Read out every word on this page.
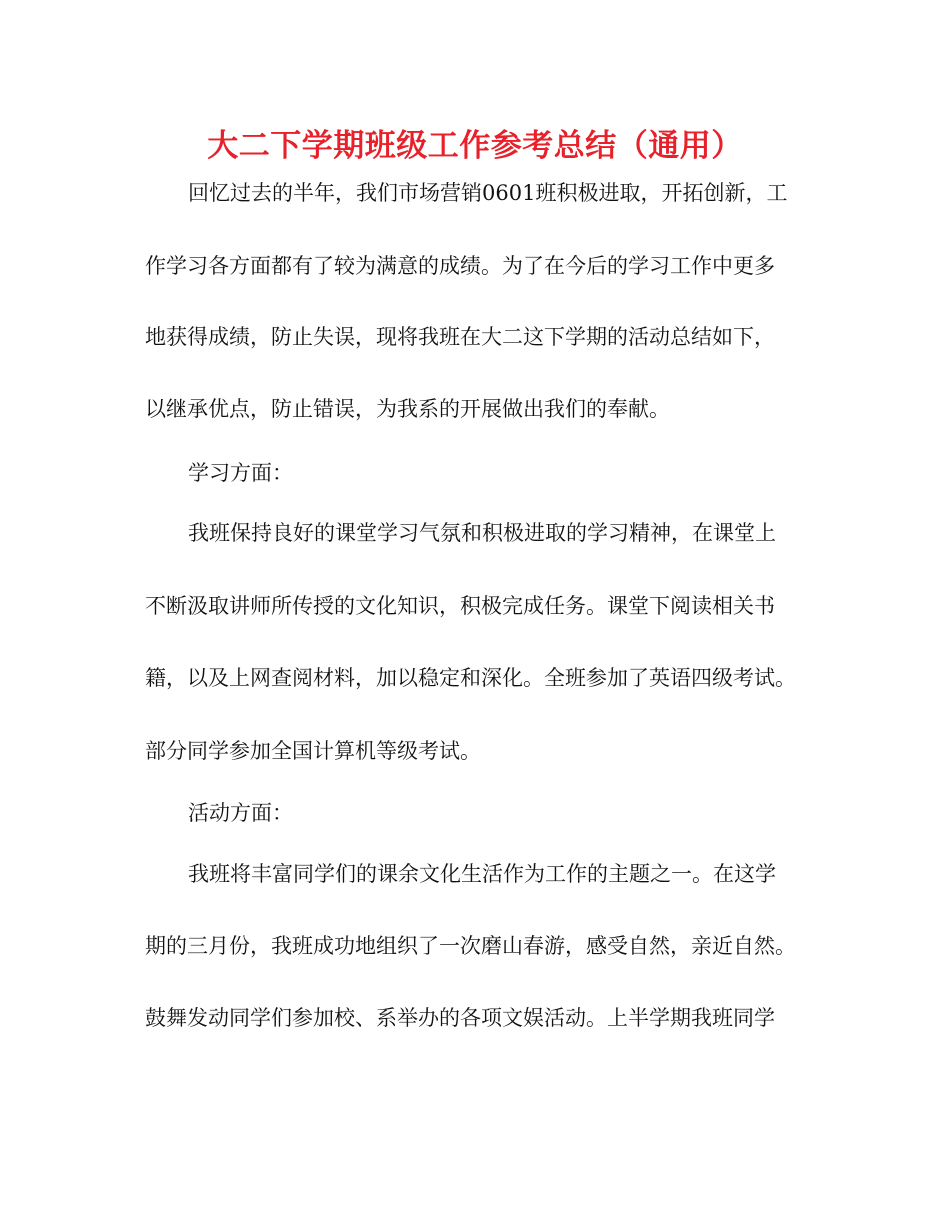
大二下学期班级工作参考总结（通用）

回忆过去的半年，我们市场营销0601班积极进取，开拓创新，工

作学习各方面都有了较为满意的成绩。为了在今后的学习工作中更多

地获得成绩，防止失误，现将我班在大二这下学期的活动总结如下，

以继承优点，防止错误，为我系的开展做出我们的奉献。

学习方面：

我班保持良好的课堂学习气氛和积极进取的学习精神，在课堂上

不断汲取讲师所传授的文化知识，积极完成任务。课堂下阅读相关书

籍，以及上网查阅材料，加以稳定和深化。全班参加了英语四级考试。

部分同学参加全国计算机等级考试。

活动方面：

我班将丰富同学们的课余文化生活作为工作的主题之一。在这学

期的三月份，我班成功地组织了一次磨山春游，感受自然，亲近自然。

鼓舞发动同学们参加校、系举办的各项文娱活动。上半学期我班同学
